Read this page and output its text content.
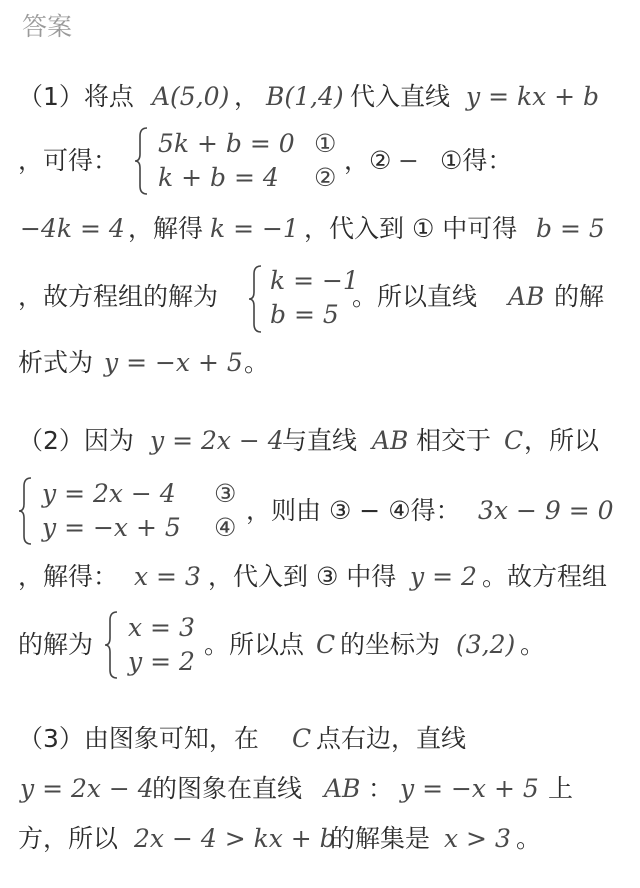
答案
（1）将点 A(5,0) ， B(1,4) 代入直线 y = kx + b
，可得：
5k + b = 0 ①
k + b = 4 ②
，② − ①得：
−4k = 4 ，解得 k = −1 ，代入到 ① 中可得 b = 5
，故方程组的解为
k = −1
b = 5
。所以直线 AB 的解
析式为 y = −x + 5 。
（2）因为 y = 2x − 4
与直线 AB 相交于 C ，所以
y = 2x − 4 ③
y = −x + 5 ④
，则由 ③ − ④得： 3x − 9 = 0
，解得： x = 3 ，代入到 ③ 中得 y = 2 。故方程组
的解为
x = 3
y = 2
。所以点 C 的坐标为 (3,2) 。
（3）由图象可知，在 C 点右边，直线
y = 2x − 4
的图象在直线 AB ： y = −x + 5 上
方，所以 2x − 4 > kx + b
的解集是 x > 3 。
